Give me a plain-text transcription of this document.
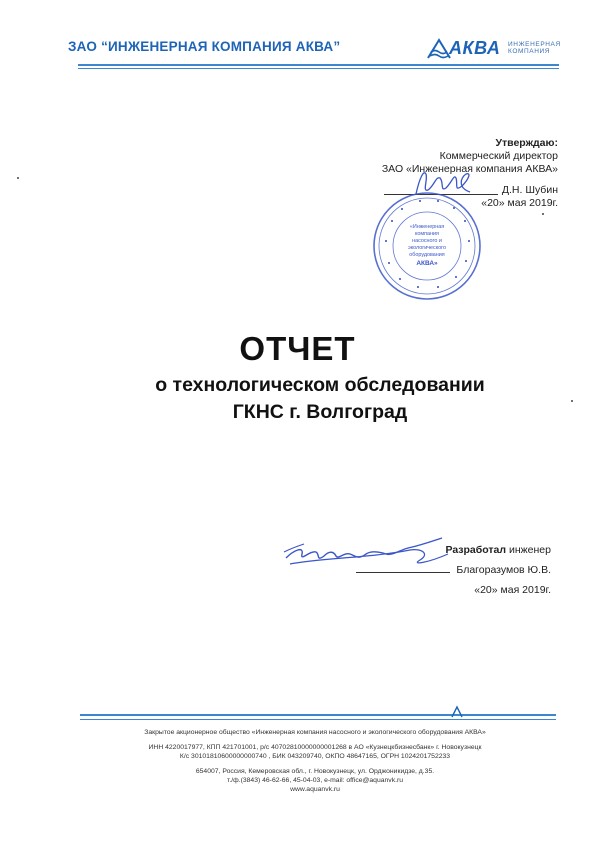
ЗАО “ИНЖЕНЕРНАЯ КОМПАНИЯ АКВА”	АКВА ИНЖЕНЕРНАЯ
КОМПАНИЯ
Утверждаю:
Коммерческий директор
ЗАО «Инженерная компания АКВА»
Д.Н. Шубин
«20» мая 2019г.
«Инженерная
компания
насосного и
экологического
оборудования
АКВА»
ОТЧЕТ
о технологическом обследовании
ГКНС г. Волгоград
Разработал инженер
Благоразумов Ю.В.
«20» мая 2019г.
Закрытое акционерное общество «Инженерная компания насосного и экологического оборудования АКВА»
ИНН 4220017977, КПП 421701001, р/с 40702810000000001268 в АО «Кузнецкбизнесбанк» г. Новокузнецк
К/с 30101810600000000740 , БИК 043209740, ОКПО 48647165, ОГРН 1024201752233
654007, Россия, Кемеровская обл., г. Новокузнецк, ул. Орджоникидзе, д.35.
т./ф.(3843) 46-62-66, 45-04-03, e-mail: office@aquanvk.ru
www.aquanvk.ru
